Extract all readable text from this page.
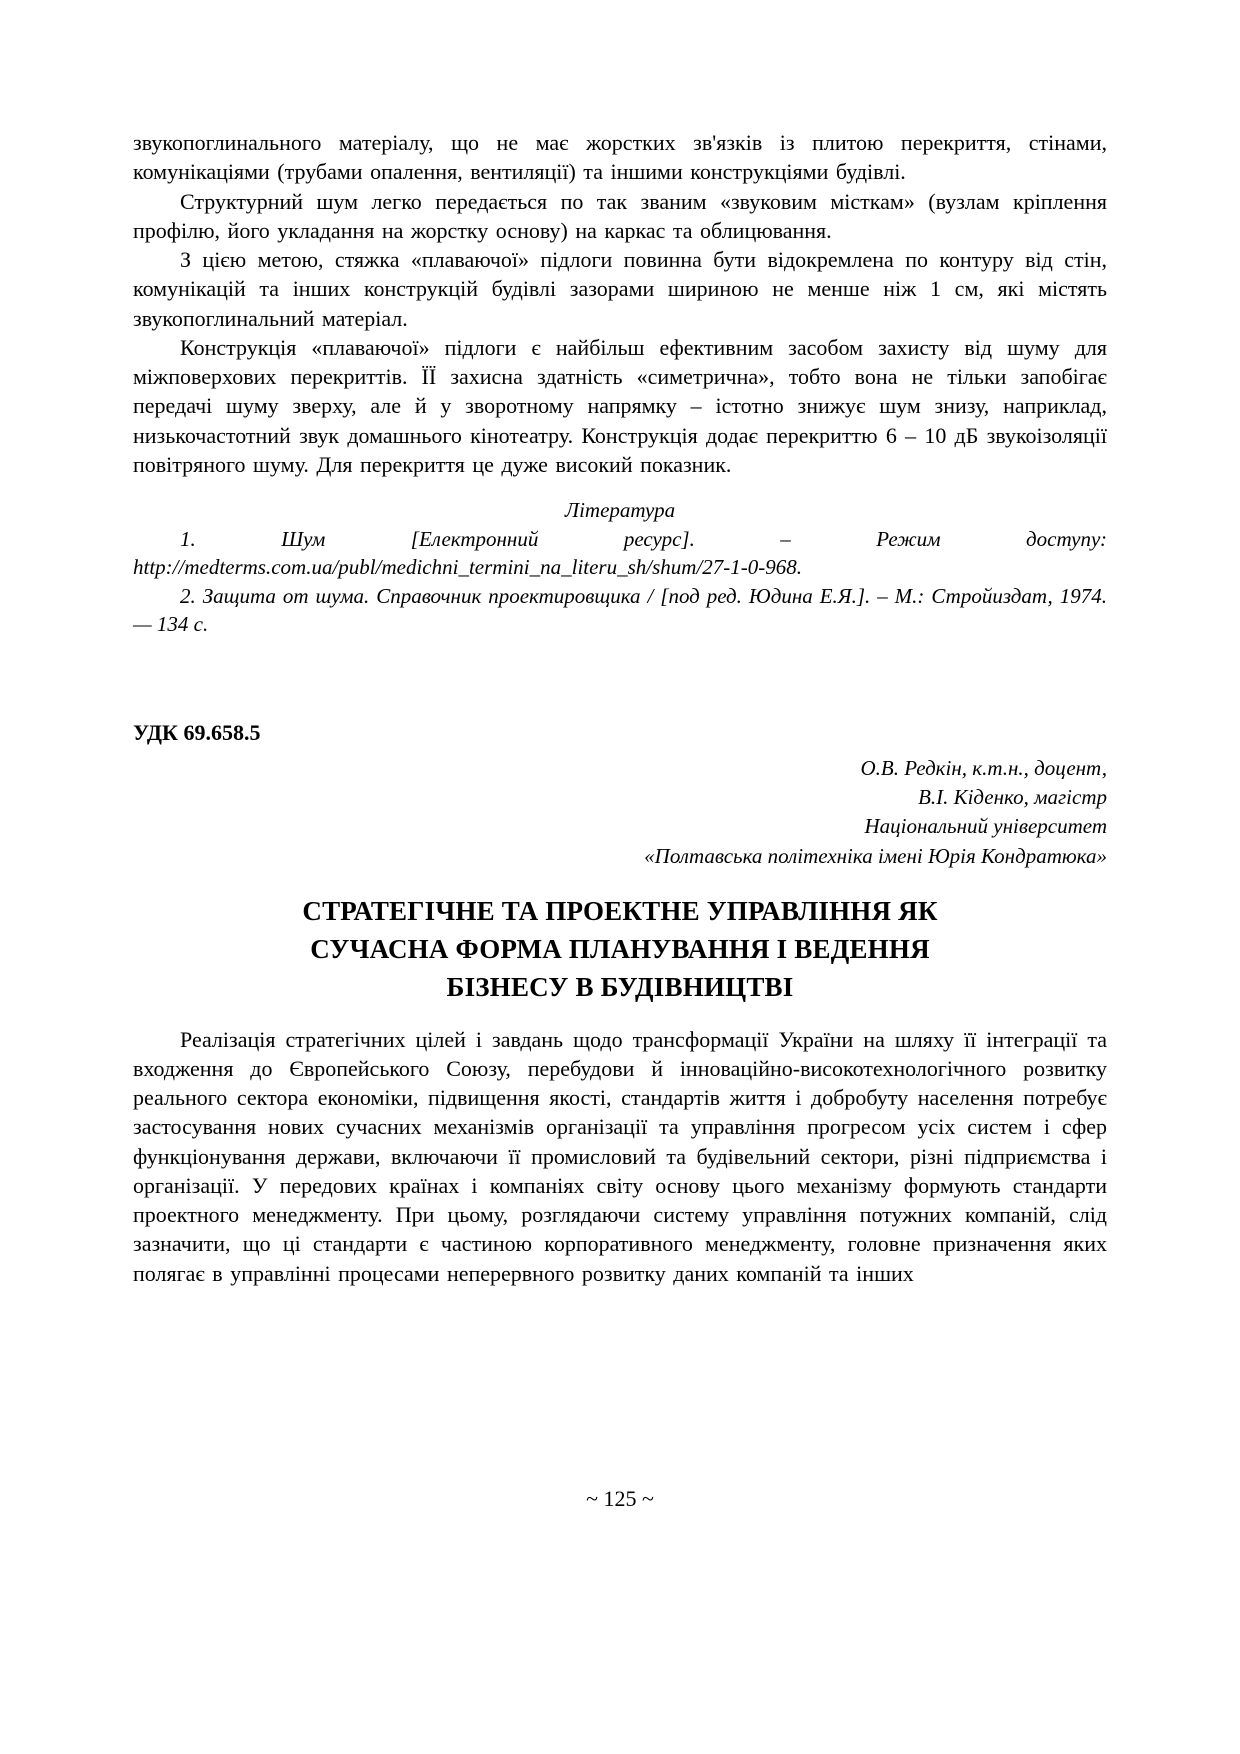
звукопоглинального матеріалу, що не має жорстких зв'язків із плитою перекриття, стінами, комунікаціями (трубами опалення, вентиляції) та іншими конструкціями будівлі.

Структурний шум легко передається по так званим «звуковим місткам» (вузлам кріплення профілю, його укладання на жорстку основу) на каркас та облицювання.

З цією метою, стяжка «плаваючої» підлоги повинна бути відокремлена по контуру від стін, комунікацій та інших конструкцій будівлі зазорами шириною не менше ніж 1 см, які містять звукопоглинальний матеріал.

Конструкція «плаваючої» підлоги є найбільш ефективним засобом захисту від шуму для міжповерхових перекриттів. ЇЇ захисна здатність «симетрична», тобто вона не тільки запобігає передачі шуму зверху, але й у зворотному напрямку – істотно знижує шум знизу, наприклад, низькочастотний звук домашнього кінотеатру. Конструкція додає перекриттю 6 – 10 дБ звукоізоляції повітряного шуму. Для перекриття це дуже високий показник.

Література

1. Шум [Електронний ресурс]. – Режим доступу: http://medterms.com.ua/publ/medichni_termini_na_literu_sh/shum/27-1-0-968.

2. Защита от шума. Справочник проектировщика / [под ред. Юдина Е.Я.]. – М.: Стройиздат, 1974. — 134 с.

УДК 69.658.5

О.В. Редкін, к.т.н., доцент,
В.І. Кіденко, магістр
Національний університет
«Полтавська політехніка імені Юрія Кондратюка»
СТРАТЕГІЧНЕ ТА ПРОЕКТНЕ УПРАВЛІННЯ ЯК
СУЧАСНА ФОРМА ПЛАНУВАННЯ І ВЕДЕННЯ
БІЗНЕСУ В БУДІВНИЦТВІ

Реалізація стратегічних цілей і завдань щодо трансформації України на шляху її інтеграції та входження до Європейського Союзу, перебудови й інноваційно-високотехнологічного розвитку реального сектора економіки, підвищення якості, стандартів життя і добробуту населення потребує застосування нових сучасних механізмів організації та управління прогресом усіх систем і сфер функціонування держави, включаючи її промисловий та будівельний сектори, різні підприємства і організації. У передових країнах і компаніях світу основу цього механізму формують стандарти проектного менеджменту. При цьому, розглядаючи систему управління потужних компаній, слід зазначити, що ці стандарти є частиною корпоративного менеджменту, головне призначення яких полягає в управлінні процесами неперервного розвитку даних компаній та інших

~ 125 ~
